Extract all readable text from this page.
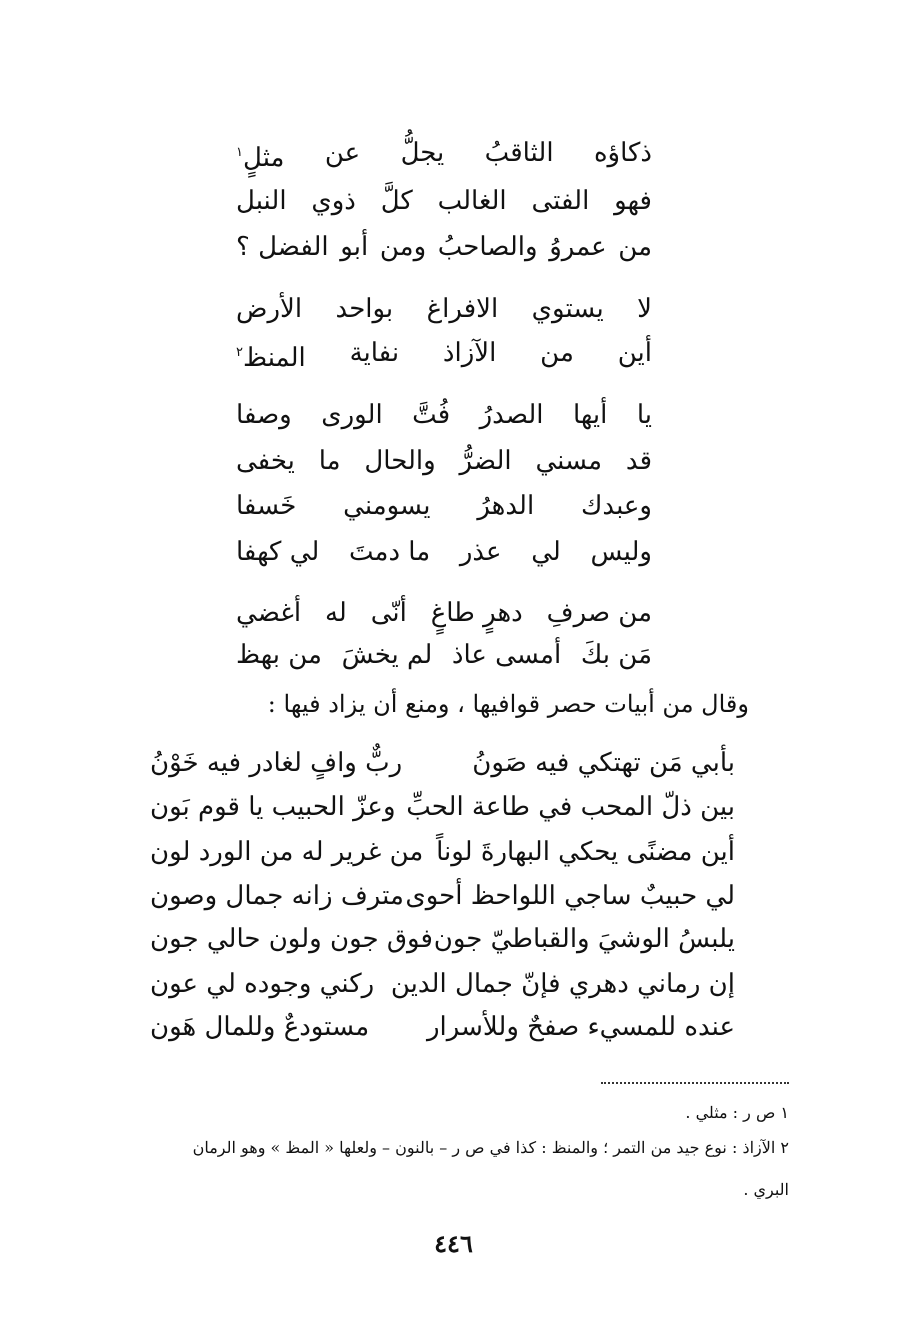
ذكاؤه
الثاقبُ
يجلُّ
عن
مثلٍ$^١$
فهو
الفتى
الغالب
كلَّ
ذوي
النبل
من
عمروُ
والصاحبُ
ومن
أبو
الفضل ؟
لا
يستوي
الافراغ
بواحد
الأرض
أين
من
الآزاذ
نفاية
المنظ$^٢$
يا
أيها
الصدرُ
فُتَّ
الورى
وصفا
قد
مسني
الضرُّ
والحال
ما
يخفى
وعبدك
الدهرُ
يسومني
خَسفا
وليس
لي
عذر
ما دمتَ
لي كهفا
من صرفِ
دهرٍ طاغٍ
أنّى
له
أغضي
مَن بكَ
أمسى عاذ
لم يخشَ
من بهظ
وقال من أبيات حصر قوافيها ، ومنع أن يزاد فيها :
بأبي مَن تهتكي فيه صَونُ
ربٌّ وافٍ لغادر فيه خَوْنُ
بين ذلّ المحب في طاعة الحبِّ
وعزّ الحبيب يا قوم بَون
أين مضنًى يحكي البهارةَ لوناً
من غرير له من الورد لون
لي حبيبٌ ساجي اللواحظ أحوى
مترف زانه جمال وصون
يلبسُ الوشيَ والقباطيّ جون
فوق جون ولون حالي جون
إن رماني دهري فإنّ جمال الدين
ركني وجوده لي عون
عنده للمسيء صفحٌ وللأسرار
مستودعٌ وللمال هَون
١ ص ر : مثلي .
٢ الآزاذ : نوع جيد من التمر ؛ والمنظ : كذا في ص ر – بالنون – ولعلها « المظ » وهو الرمان
البري .
٤٤٦
